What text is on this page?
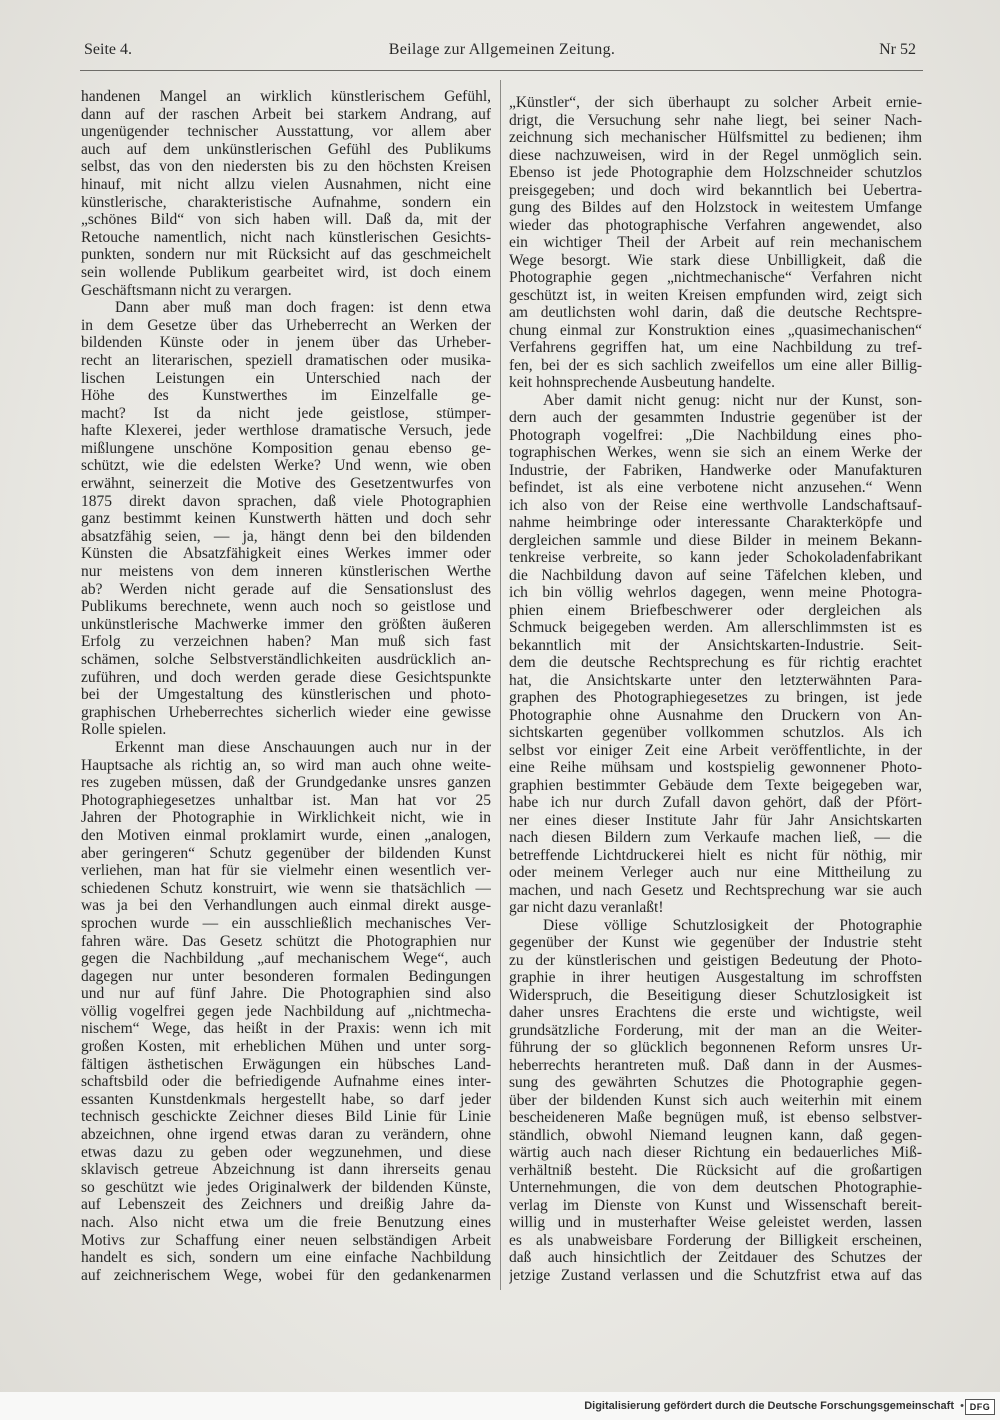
Beilage zur Allgemeinen Zeitung.
Seite 4.	Nr 52
handenen Mangel an wirklich künstlerischem Gefühl,
dann auf der raschen Arbeit bei starkem Andrang, auf
ungenügender technischer Ausstattung, vor allem aber
auch auf dem unkünstlerischen Gefühl des Publikums
selbst, das von den niedersten bis zu den höchsten Kreisen
hinauf, mit nicht allzu vielen Ausnahmen, nicht eine
künstlerische, charakteristische Aufnahme, sondern ein
„schönes Bild“ von sich haben will. Daß da, mit der
Retouche namentlich, nicht nach künstlerischen Gesichts-
punkten, sondern nur mit Rücksicht auf das geschmeichelt
sein wollende Publikum gearbeitet wird, ist doch einem
Geschäftsmann nicht zu verargen.
Dann aber muß man doch fragen: ist denn etwa
in dem Gesetze über das Urheberrecht an Werken der
bildenden Künste oder in jenem über das Urheber-
recht an literarischen, speziell dramatischen oder musika-
lischen Leistungen ein Unterschied nach der
Höhe des Kunstwerthes im Einzelfalle ge-
macht? Ist da nicht jede geistlose, stümper-
hafte Klexerei, jeder werthlose dramatische Versuch, jede
mißlungene unschöne Komposition genau ebenso ge-
schützt, wie die edelsten Werke? Und wenn, wie oben
erwähnt, seinerzeit die Motive des Gesetzentwurfes von
1875 direkt davon sprachen, daß viele Photographien
ganz bestimmt keinen Kunstwerth hätten und doch sehr
absatzfähig seien, — ja, hängt denn bei den bildenden
Künsten die Absatzfähigkeit eines Werkes immer oder
nur meistens von dem inneren künstlerischen Werthe
ab? Werden nicht gerade auf die Sensationslust des
Publikums berechnete, wenn auch noch so geistlose und
unkünstlerische Machwerke immer den größten äußeren
Erfolg zu verzeichnen haben? Man muß sich fast
schämen, solche Selbstverständlichkeiten ausdrücklich an-
zuführen, und doch werden gerade diese Gesichtspunkte
bei der Umgestaltung des künstlerischen und photo-
graphischen Urheberrechtes sicherlich wieder eine gewisse
Rolle spielen.
Erkennt man diese Anschauungen auch nur in der
Hauptsache als richtig an, so wird man auch ohne weite-
res zugeben müssen, daß der Grundgedanke unsres ganzen
Photographiegesetzes unhaltbar ist. Man hat vor 25
Jahren der Photographie in Wirklichkeit nicht, wie in
den Motiven einmal proklamirt wurde, einen „analogen,
aber geringeren“ Schutz gegenüber der bildenden Kunst
verliehen, man hat für sie vielmehr einen wesentlich ver-
schiedenen Schutz konstruirt, wie wenn sie thatsächlich —
was ja bei den Verhandlungen auch einmal direkt ausge-
sprochen wurde — ein ausschließlich mechanisches Ver-
fahren wäre. Das Gesetz schützt die Photographien nur
gegen die Nachbildung „auf mechanischem Wege“, auch
dagegen nur unter besonderen formalen Bedingungen
und nur auf fünf Jahre. Die Photographien sind also
völlig vogelfrei gegen jede Nachbildung auf „nichtmecha-
nischem“ Wege, das heißt in der Praxis: wenn ich mit
großen Kosten, mit erheblichen Mühen und unter sorg-
fältigen ästhetischen Erwägungen ein hübsches Land-
schaftsbild oder die befriedigende Aufnahme eines inter-
essanten Kunstdenkmals hergestellt habe, so darf jeder
technisch geschickte Zeichner dieses Bild Linie für Linie
abzeichnen, ohne irgend etwas daran zu verändern, ohne
etwas dazu zu geben oder wegzunehmen, und diese
sklavisch getreue Abzeichnung ist dann ihrerseits genau
so geschützt wie jedes Originalwerk der bildenden Künste,
auf Lebenszeit des Zeichners und dreißig Jahre da-
nach. Also nicht etwa um die freie Benutzung eines
Motivs zur Schaffung einer neuen selbständigen Arbeit
handelt es sich, sondern um eine einfache Nachbildung
auf zeichnerischem Wege, wobei für den gedankenarmen
„Künstler“, der sich überhaupt zu solcher Arbeit ernie-
drigt, die Versuchung sehr nahe liegt, bei seiner Nach-
zeichnung sich mechanischer Hülfsmittel zu bedienen; ihm
diese nachzuweisen, wird in der Regel unmöglich sein.
Ebenso ist jede Photographie dem Holzschneider schutzlos
preisgegeben; und doch wird bekanntlich bei Uebertra-
gung des Bildes auf den Holzstock in weitestem Umfange
wieder das photographische Verfahren angewendet, also
ein wichtiger Theil der Arbeit auf rein mechanischem
Wege besorgt. Wie stark diese Unbilligkeit, daß die
Photographie gegen „nichtmechanische“ Verfahren nicht
geschützt ist, in weiten Kreisen empfunden wird, zeigt sich
am deutlichsten wohl darin, daß die deutsche Rechtspre-
chung einmal zur Konstruktion eines „quasimechanischen“
Verfahrens gegriffen hat, um eine Nachbildung zu tref-
fen, bei der es sich sachlich zweifellos um eine aller Billig-
keit hohnsprechende Ausbeutung handelte.
Aber damit nicht genug: nicht nur der Kunst, son-
dern auch der gesammten Industrie gegenüber ist der
Photograph vogelfrei: „Die Nachbildung eines pho-
tographischen Werkes, wenn sie sich an einem Werke der
Industrie, der Fabriken, Handwerke oder Manufakturen
befindet, ist als eine verbotene nicht anzusehen.“ Wenn
ich also von der Reise eine werthvolle Landschaftsauf-
nahme heimbringe oder interessante Charakterköpfe und
dergleichen sammle und diese Bilder in meinem Bekann-
tenkreise verbreite, so kann jeder Schokoladenfabrikant
die Nachbildung davon auf seine Täfelchen kleben, und
ich bin völlig wehrlos dagegen, wenn meine Photogra-
phien einem Briefbeschwerer oder dergleichen als
Schmuck beigegeben werden. Am allerschlimmsten ist es
bekanntlich mit der Ansichtskarten-Industrie. Seit-
dem die deutsche Rechtsprechung es für richtig erachtet
hat, die Ansichtskarte unter den letzterwähnten Para-
graphen des Photographiegesetzes zu bringen, ist jede
Photographie ohne Ausnahme den Druckern von An-
sichtskarten gegenüber vollkommen schutzlos. Als ich
selbst vor einiger Zeit eine Arbeit veröffentlichte, in der
eine Reihe mühsam und kostspielig gewonnener Photo-
graphien bestimmter Gebäude dem Texte beigegeben war,
habe ich nur durch Zufall davon gehört, daß der Pfört-
ner eines dieser Institute Jahr für Jahr Ansichtskarten
nach diesen Bildern zum Verkaufe machen ließ, — die
betreffende Lichtdruckerei hielt es nicht für nöthig, mir
oder meinem Verleger auch nur eine Mittheilung zu
machen, und nach Gesetz und Rechtsprechung war sie auch
gar nicht dazu veranlaßt!
Diese völlige Schutzlosigkeit der Photographie
gegenüber der Kunst wie gegenüber der Industrie steht
zu der künstlerischen und geistigen Bedeutung der Photo-
graphie in ihrer heutigen Ausgestaltung im schroffsten
Widerspruch, die Beseitigung dieser Schutzlosigkeit ist
daher unsres Erachtens die erste und wichtigste, weil
grundsätzliche Forderung, mit der man an die Weiter-
führung der so glücklich begonnenen Reform unsres Ur-
heberrechts herantreten muß. Daß dann in der Ausmes-
sung des gewährten Schutzes die Photographie gegen-
über der bildenden Kunst sich auch weiterhin mit einem
bescheideneren Maße begnügen muß, ist ebenso selbstver-
ständlich, obwohl Niemand leugnen kann, daß gegen-
wärtig auch nach dieser Richtung ein bedauerliches Miß-
verhältniß besteht. Die Rücksicht auf die großartigen
Unternehmungen, die von dem deutschen Photographie-
verlag im Dienste von Kunst und Wissenschaft bereit-
willig und in musterhafter Weise geleistet werden, lassen
es als unabweisbare Forderung der Billigkeit erscheinen,
daß auch hinsichtlich der Zeitdauer des Schutzes der
jetzige Zustand verlassen und die Schutzfrist etwa auf das
Digitalisierung gefördert durch die Deutsche Forschungsgemeinschaft • DFG
